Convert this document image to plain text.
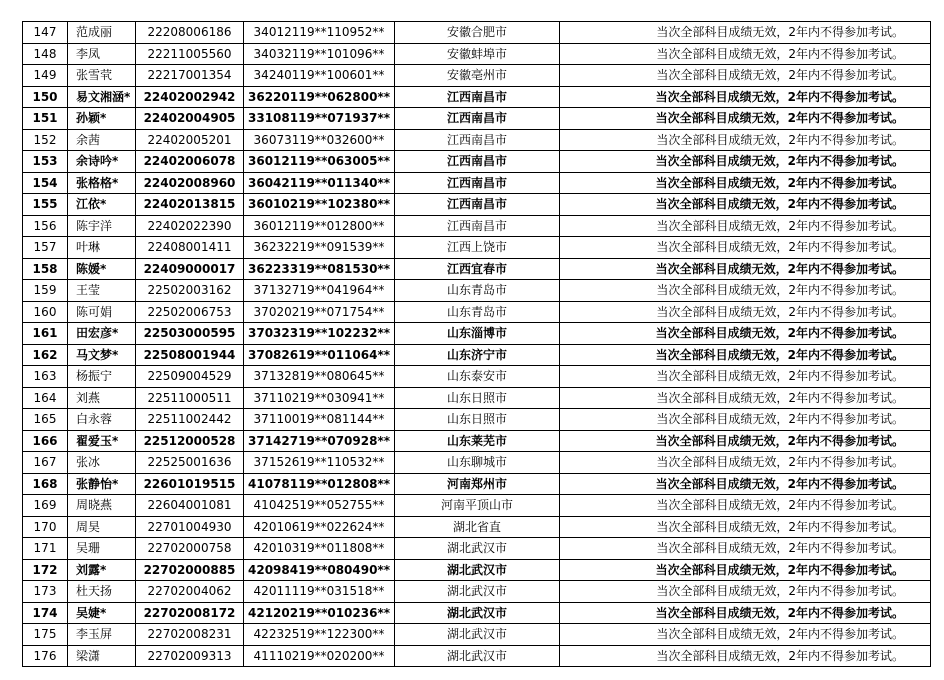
147	范成丽	22208006186	34012119**110952**	安徽合肥市	当次全部科目成绩无效，2年内不得参加考试。
148	李凤	22211005560	34032119**101096**	安徽蚌埠市	当次全部科目成绩无效，2年内不得参加考试。
149	张雪茕	22217001354	34240119**100601**	安徽亳州市	当次全部科目成绩无效，2年内不得参加考试。
150	易文湘涵*	22402002942	36220119**062800**	江西南昌市	当次全部科目成绩无效，2年内不得参加考试。
151	孙颖*	22402004905	33108119**071937**	江西南昌市	当次全部科目成绩无效，2年内不得参加考试。
152	余茜	22402005201	36073119**032600**	江西南昌市	当次全部科目成绩无效，2年内不得参加考试。
153	余诗吟*	22402006078	36012119**063005**	江西南昌市	当次全部科目成绩无效，2年内不得参加考试。
154	张格格*	22402008960	36042119**011340**	江西南昌市	当次全部科目成绩无效，2年内不得参加考试。
155	江依*	22402013815	36010219**102380**	江西南昌市	当次全部科目成绩无效，2年内不得参加考试。
156	陈宇洋	22402022390	36012119**012800**	江西南昌市	当次全部科目成绩无效，2年内不得参加考试。
157	叶琳	22408001411	36232219**091539**	江西上饶市	当次全部科目成绩无效，2年内不得参加考试。
158	陈媛*	22409000017	36223319**081530**	江西宜春市	当次全部科目成绩无效，2年内不得参加考试。
159	王莹	22502003162	37132719**041964**	山东青岛市	当次全部科目成绩无效，2年内不得参加考试。
160	陈可娟	22502006753	37020219**071754**	山东青岛市	当次全部科目成绩无效，2年内不得参加考试。
161	田宏彦*	22503000595	37032319**102232**	山东淄博市	当次全部科目成绩无效，2年内不得参加考试。
162	马文梦*	22508001944	37082619**011064**	山东济宁市	当次全部科目成绩无效，2年内不得参加考试。
163	杨振宁	22509004529	37132819**080645**	山东泰安市	当次全部科目成绩无效，2年内不得参加考试。
164	刘燕	22511000511	37110219**030941**	山东日照市	当次全部科目成绩无效，2年内不得参加考试。
165	白永蓉	22511002442	37110019**081144**	山东日照市	当次全部科目成绩无效，2年内不得参加考试。
166	翟爱玉*	22512000528	37142719**070928**	山东莱芜市	当次全部科目成绩无效，2年内不得参加考试。
167	张冰	22525001636	37152619**110532**	山东聊城市	当次全部科目成绩无效，2年内不得参加考试。
168	张静怡*	22601019515	41078119**012808**	河南郑州市	当次全部科目成绩无效，2年内不得参加考试。
169	周晓燕	22604001081	41042519**052755**	河南平顶山市	当次全部科目成绩无效，2年内不得参加考试。
170	周昊	22701004930	42010619**022624**	湖北省直	当次全部科目成绩无效，2年内不得参加考试。
171	吴珊	22702000758	42010319**011808**	湖北武汉市	当次全部科目成绩无效，2年内不得参加考试。
172	刘露*	22702000885	42098419**080490**	湖北武汉市	当次全部科目成绩无效，2年内不得参加考试。
173	杜天扬	22702004062	42011119**031518**	湖北武汉市	当次全部科目成绩无效，2年内不得参加考试。
174	吴婕*	22702008172	42120219**010236**	湖北武汉市	当次全部科目成绩无效，2年内不得参加考试。
175	李玉屏	22702008231	42232519**122300**	湖北武汉市	当次全部科目成绩无效，2年内不得参加考试。
176	梁潇	22702009313	41110219**020200**	湖北武汉市	当次全部科目成绩无效，2年内不得参加考试。
